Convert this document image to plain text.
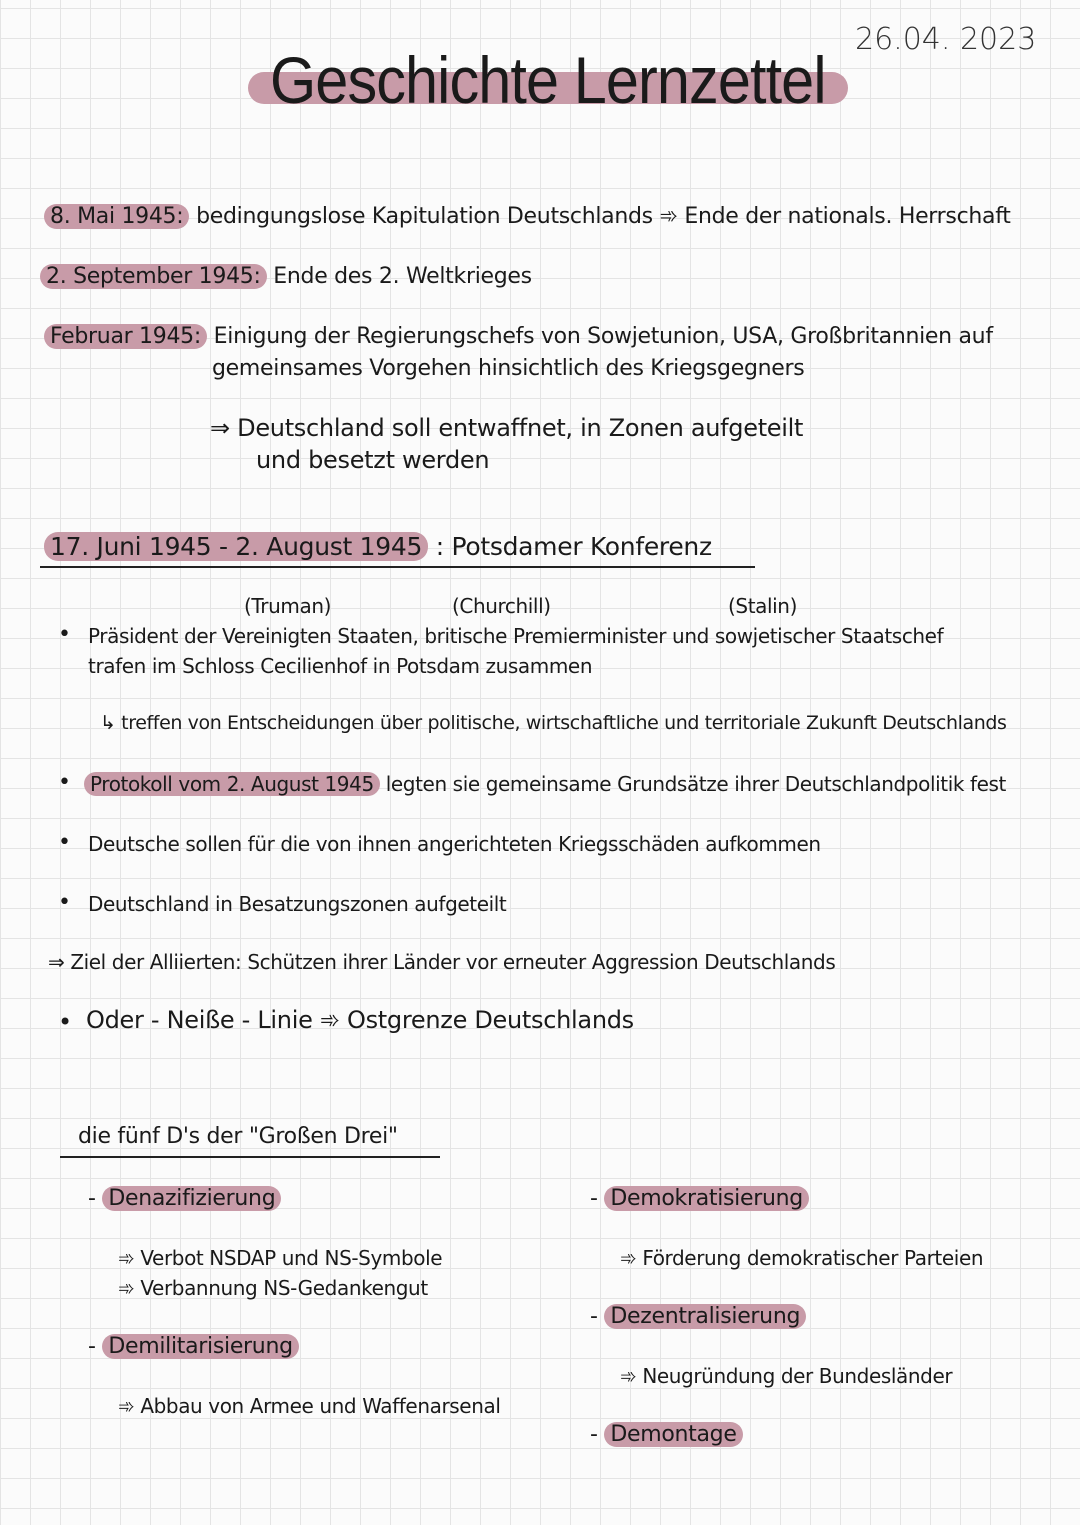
Geschichte Lernzettel
26.04. 2023
8. Mai 1945: bedingungslose Kapitulation Deutschlands ➾ Ende der nationals. Herrschaft
2. September 1945: Ende des 2. Weltkrieges
Februar 1945: Einigung der Regierungschefs von Sowjetunion, USA, Großbritannien auf
gemeinsames Vorgehen hinsichtlich des Kriegsgegners
⇒ Deutschland soll entwaffnet, in Zonen aufgeteilt
und besetzt werden
17. Juni 1945 - 2. August 1945 : Potsdamer Konferenz
(Truman)	(Churchill)	(Stalin)
• Präsident der Vereinigten Staaten, britische Premierminister und sowjetischer Staatschef
trafen im Schloss Cecilienhof in Potsdam zusammen
↳ treffen von Entscheidungen über politische, wirtschaftliche und territoriale Zukunft Deutschlands
• Protokoll vom 2. August 1945 legten sie gemeinsame Grundsätze ihrer Deutschlandpolitik fest
• Deutsche sollen für die von ihnen angerichteten Kriegsschäden aufkommen
• Deutschland in Besatzungszonen aufgeteilt
⇒ Ziel der Alliierten: Schützen ihrer Länder vor erneuter Aggression Deutschlands
• Oder - Neiße - Linie ➾ Ostgrenze Deutschlands
die fünf D's der "Großen Drei"
- Denazifizierung
➾ Verbot NSDAP und NS-Symbole
➾ Verbannung NS-Gedankengut
- Demilitarisierung
➾ Abbau von Armee und Waffenarsenal
- Demokratisierung
➾ Förderung demokratischer Parteien
- Dezentralisierung
➾ Neugründung der Bundesländer
- Demontage
